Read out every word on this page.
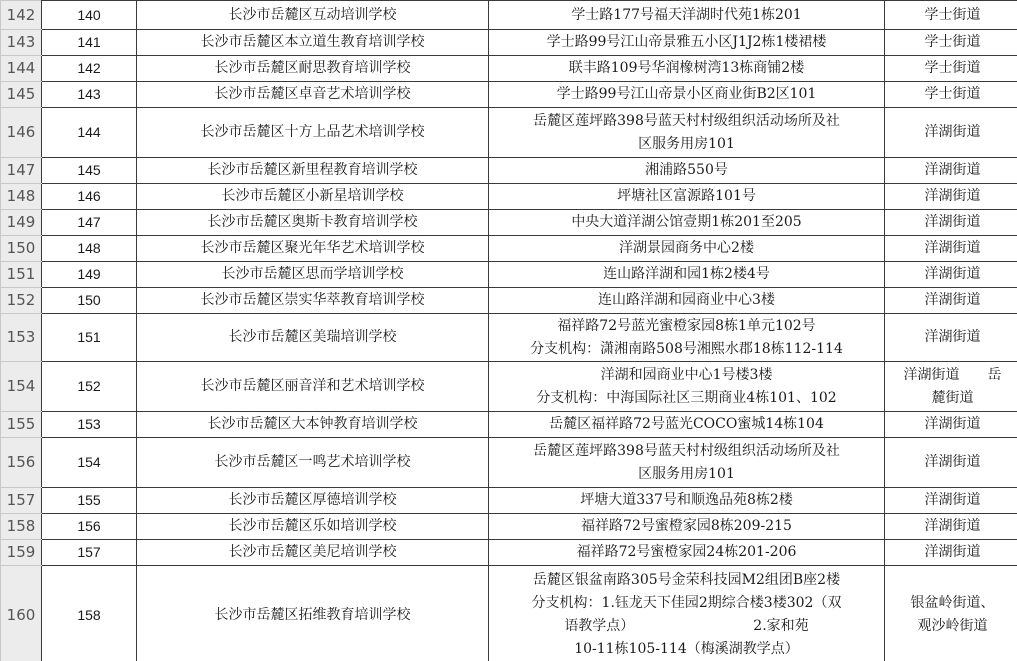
142	140	长沙市岳麓区互动培训学校	学士路177号福天洋湖时代苑1栋201	学士街道

143	141	长沙市岳麓区本立道生教育培训学校	学士路99号江山帝景雅五小区J1J2栋1楼裙楼	学士街道

144	142	长沙市岳麓区耐思教育培训学校	联丰路109号华润橡树湾13栋商铺2楼	学士街道

145	143	长沙市岳麓区卓音艺术培训学校	学士路99号江山帝景小区商业街B2区101	学士街道

146	144	长沙市岳麓区十方上品艺术培训学校	岳麓区莲坪路398号蓝天村村级组织活动场所及社
区服务用房101	洋湖街道

147	145	长沙市岳麓区新里程教育培训学校	湘浦路550号	洋湖街道

148	146	长沙市岳麓区小新星培训学校	坪塘社区富源路101号	洋湖街道

149	147	长沙市岳麓区奥斯卡教育培训学校	中央大道洋湖公馆壹期1栋201至205	洋湖街道

150	148	长沙市岳麓区聚光年华艺术培训学校	洋湖景园商务中心2楼	洋湖街道

151	149	长沙市岳麓区思而学培训学校	连山路洋湖和园1栋2楼4号	洋湖街道

152	150	长沙市岳麓区崇实华萃教育培训学校	连山路洋湖和园商业中心3楼	洋湖街道

153	151	长沙市岳麓区美瑞培训学校	福祥路72号蓝光蜜橙家园8栋1单元102号
分支机构：潇湘南路508号湘熙水郡18栋112-114	洋湖街道

154	152	长沙市岳麓区丽音洋和艺术培训学校	洋湖和园商业中心1号楼3楼
分支机构：中海国际社区三期商业4栋101、102	洋湖街道　　岳
麓街道

155	153	长沙市岳麓区大本钟教育培训学校	岳麓区福祥路72号蓝光COCO蜜城14栋104	洋湖街道

156	154	长沙市岳麓区一鸣艺术培训学校	岳麓区莲坪路398号蓝天村村级组织活动场所及社
区服务用房101	洋湖街道

157	155	长沙市岳麓区厚德培训学校	坪塘大道337号和顺逸品苑8栋2楼	洋湖街道

158	156	长沙市岳麓区乐如培训学校	福祥路72号蜜橙家园8栋209-215	洋湖街道

159	157	长沙市岳麓区美尼培训学校	福祥路72号蜜橙家园24栋201-206	洋湖街道

160	158	长沙市岳麓区拓维教育培训学校	岳麓区银盆南路305号金荣科技园M2组团B座2楼
分支机构：1.钰龙天下佳园2期综合楼3楼302（双
语教学点）　　　　　　　　　2.家和苑
10-11栋105-114（梅溪湖教学点）	银盆岭街道、
观沙岭街道
